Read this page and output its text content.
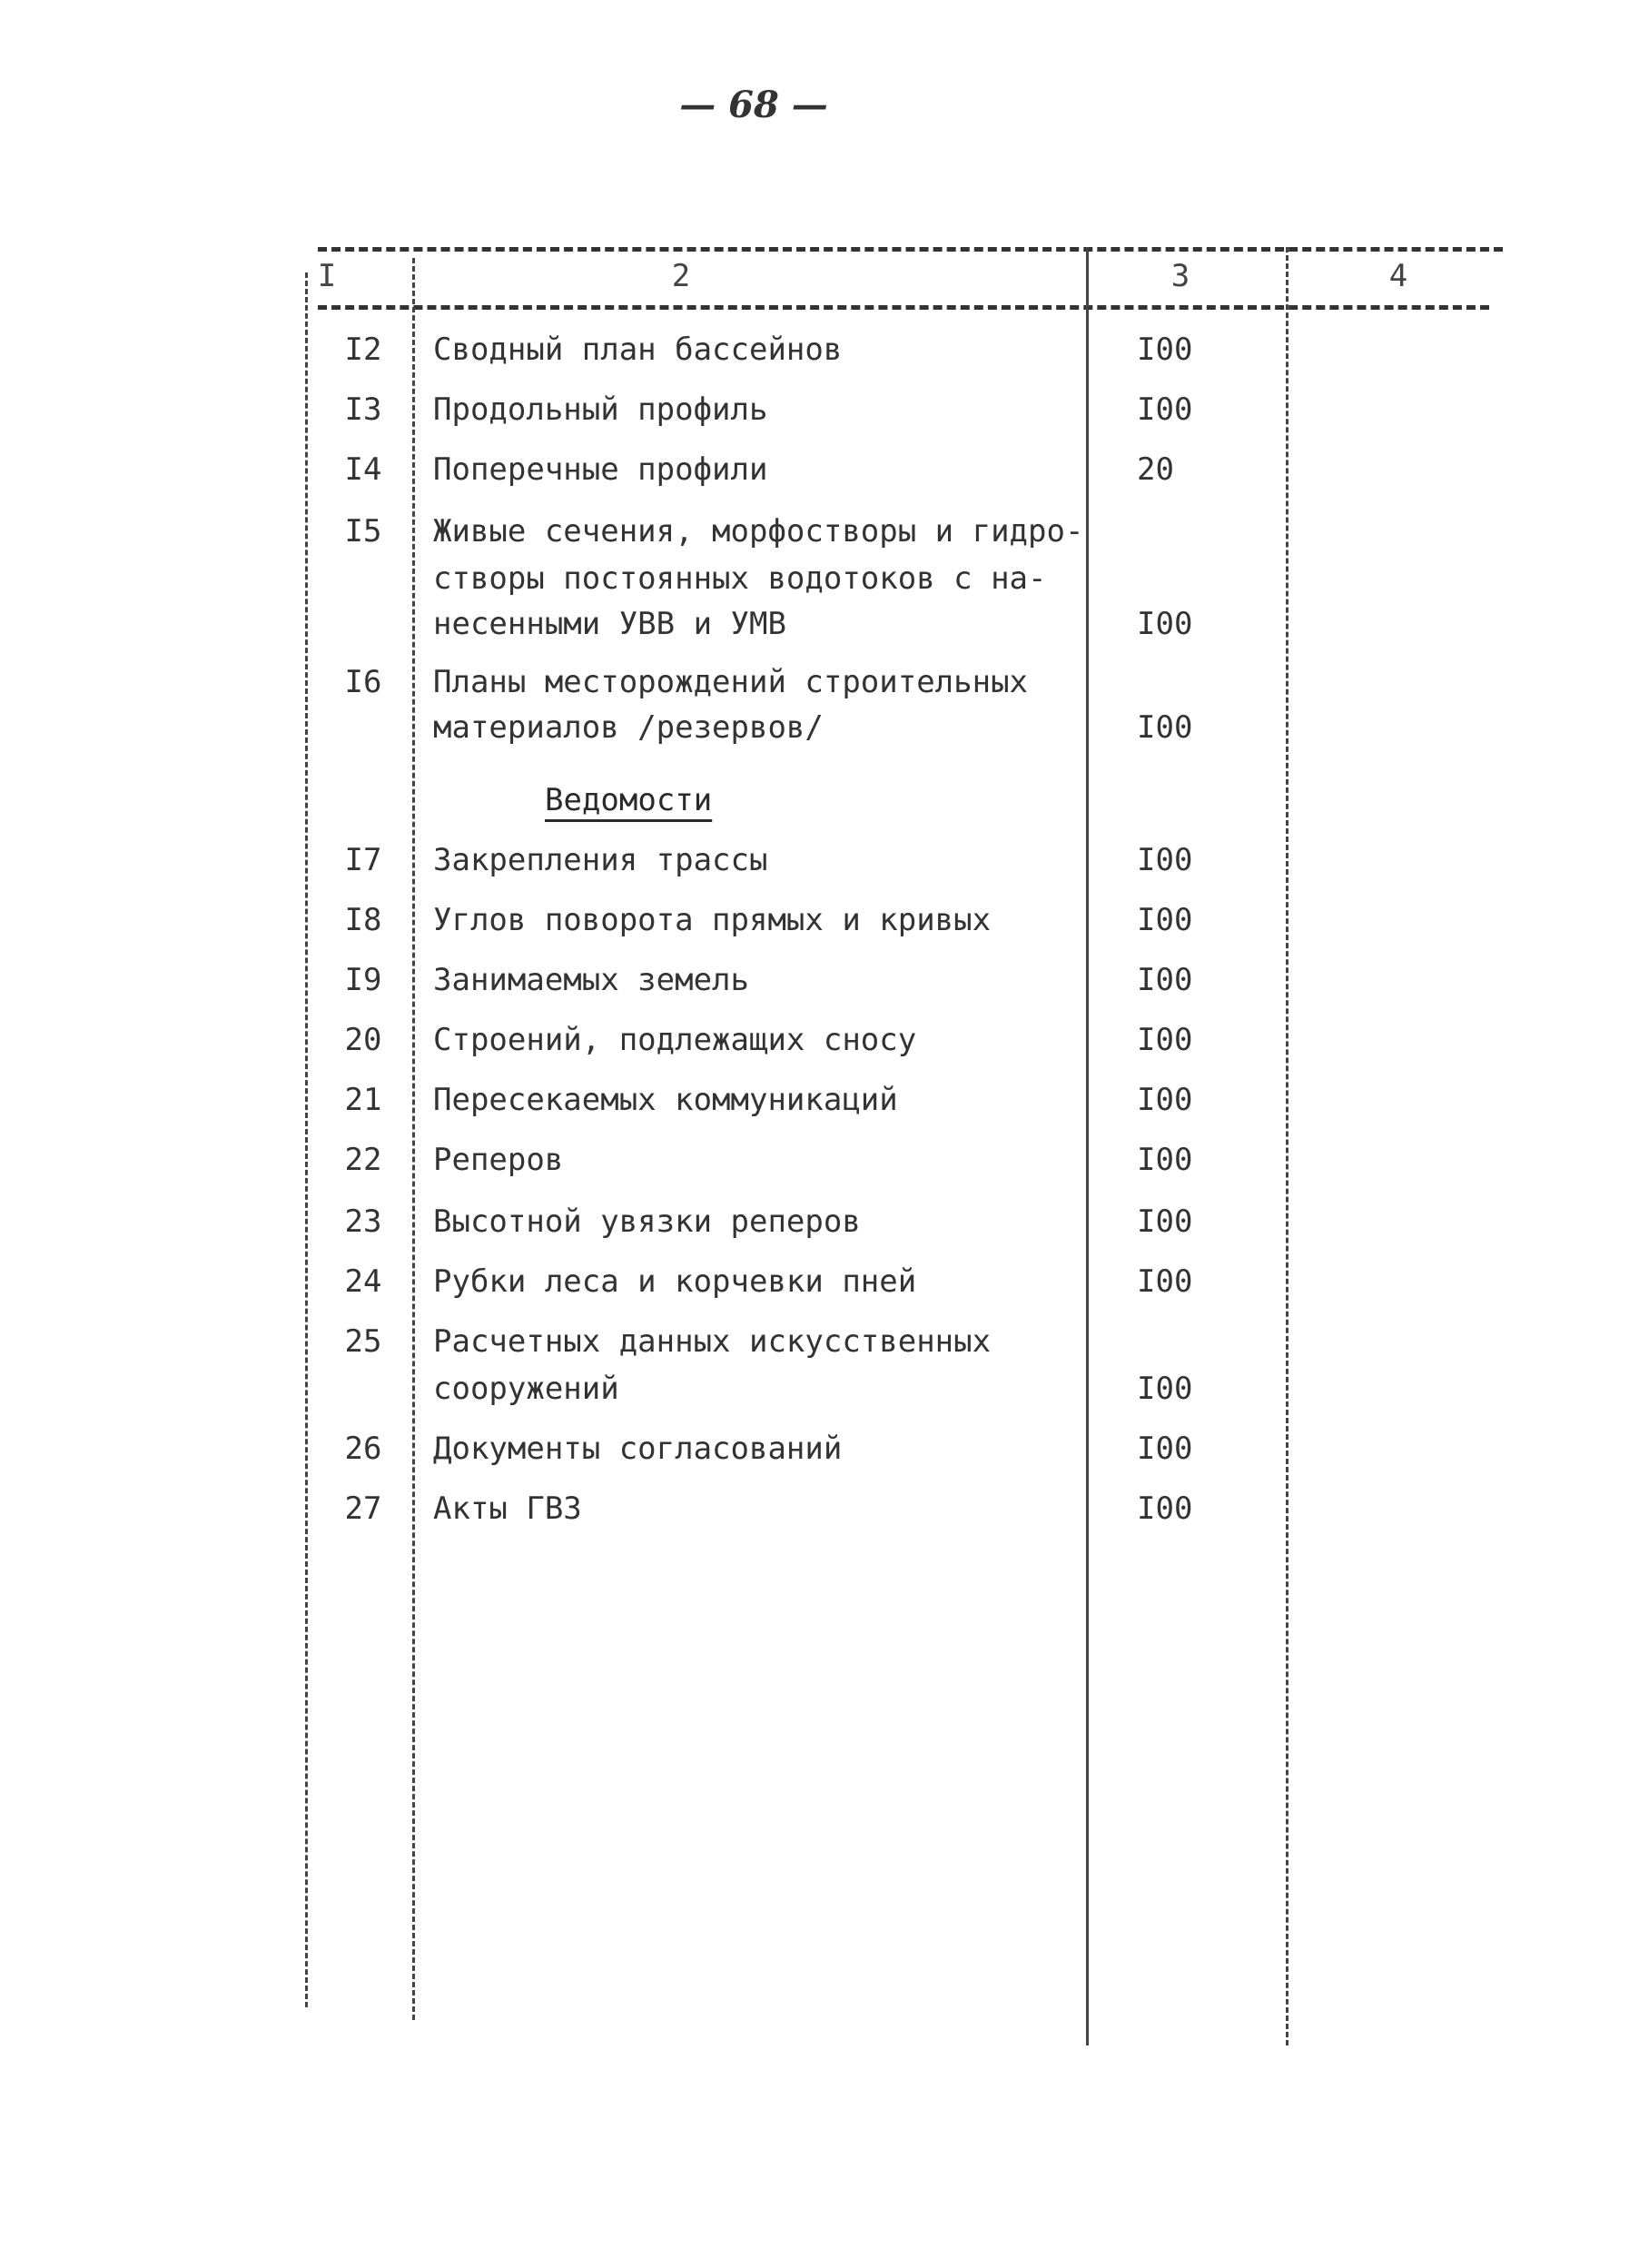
— 68 —
I	2	3	4
I2	Сводный план бассейнов	I00
I3	Продольный профиль	I00
I4	Поперечные профили	20
I5	Живые сечения, морфостворы и гидро-
створы постоянных водотоков с на-
несенными УВВ и УМВ	I00
I6	Планы месторождений строительных
материалов /резервов/	I00
Ведомости
I7	Закрепления трассы	I00
I8	Углов поворота прямых и кривых	I00
I9	Занимаемых земель	I00
20	Строений, подлежащих сносу	I00
21	Пересекаемых коммуникаций	I00
22	Реперов	I00
23	Высотной увязки реперов	I00
24	Рубки леса и корчевки пней	I00
25	Расчетных данных искусственных
сооружений	I00
26	Документы согласований	I00
27	Акты ГВЗ	I00
